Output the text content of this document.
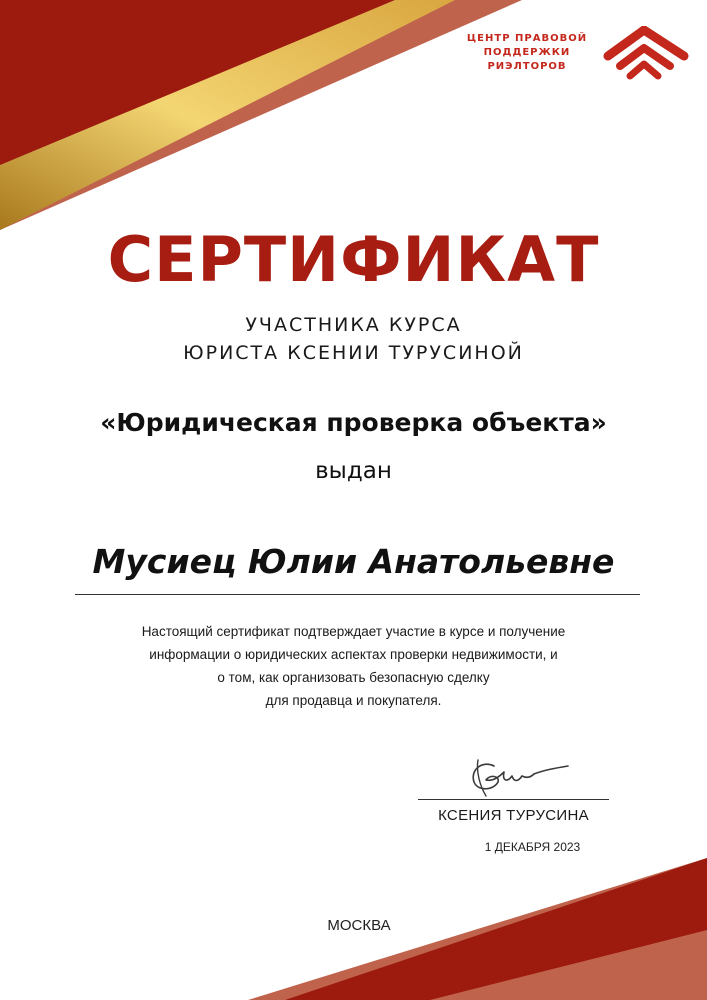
ЦЕНТР ПРАВОВОЙ
ПОДДЕРЖКИ
РИЭЛТОРОВ
СЕРТИФИКАТ
УЧАСТНИКА КУРСА
ЮРИСТА КСЕНИИ ТУРУСИНОЙ
«Юридическая проверка объекта»
выдан
Мусиец Юлии Анатольевне
Настоящий сертификат подтверждает участие в курсе и получение
информации о юридических аспектах проверки недвижимости, и
о том, как организовать безопасную сделку
для продавца и покупателя.
КСЕНИЯ ТУРУСИНА
1 ДЕКАБРЯ 2023
МОСКВА
